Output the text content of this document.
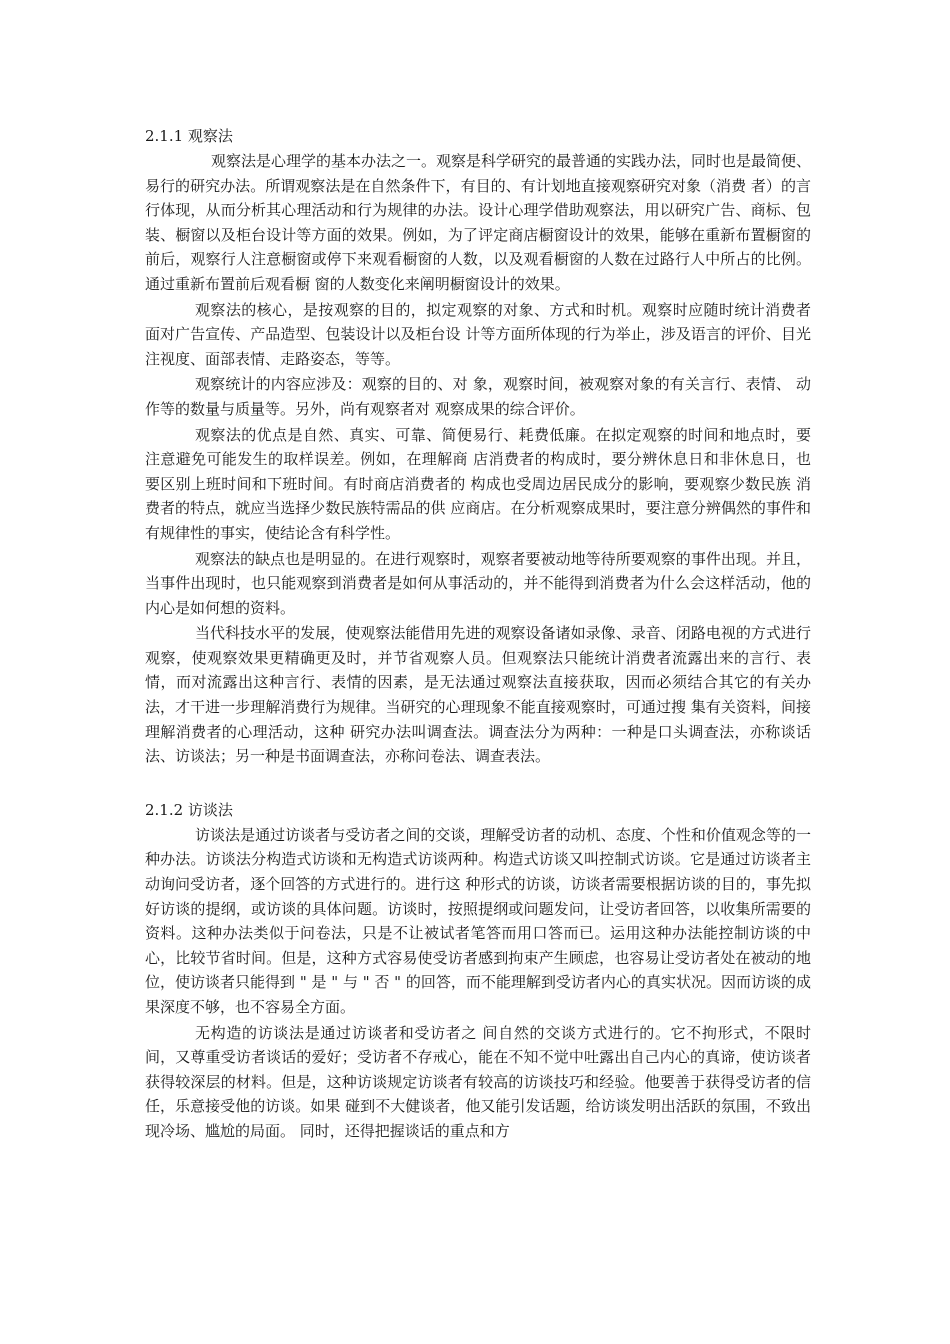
2.1.1 观察法

观察法是心理学的基本办法之一。观察是科学研究的最普通的实践办法，同时也是最简便、易行的研究办法。所谓观察法是在自然条件下，有目的、有计划地直接观察研究对象（消费 者）的言行体现，从而分析其心理活动和行为规律的办法。设计心理学借助观察法，用以研究广告、商标、包装、橱窗以及柜台设计等方面的效果。例如，为了评定商店橱窗设计的效果，能够在重新布置橱窗的前后，观察行人注意橱窗或停下来观看橱窗的人数，以及观看橱窗的人数在过路行人中所占的比例。通过重新布置前后观看橱 窗的人数变化来阐明橱窗设计的效果。

观察法的核心，是按观察的目的，拟定观察的对象、方式和时机。观察时应随时统计消费者 面对广告宣传、产品造型、包装设计以及柜台设 计等方面所体现的行为举止，涉及语言的评价、目光注视度、面部表情、走路姿态，等等。

观察统计的内容应涉及：观察的目的、对 象，观察时间，被观察对象的有关言行、表情、 动作等的数量与质量等。另外，尚有观察者对 观察成果的综合评价。

观察法的优点是自然、真实、可靠、简便易行、耗费低廉。在拟定观察的时间和地点时，要 注意避免可能发生的取样误差。例如，在理解商 店消费者的构成时，要分辨休息日和非休息日，也 要区别上班时间和下班时间。有时商店消费者的 构成也受周边居民成分的影响，要观察少数民族 消费者的特点，就应当选择少数民族特需品的供 应商店。在分析观察成果时，要注意分辨偶然的事件和有规律性的事实，使结论含有科学性。

观察法的缺点也是明显的。在进行观察时，观察者要被动地等待所要观察的事件出现。并且，当事件出现时，也只能观察到消费者是如何从事活动的，并不能得到消费者为什么会这样活动，他的内心是如何想的资料。

当代科技水平的发展，使观察法能借用先进的观察设备诸如录像、录音、闭路电视的方式进行观察，使观察效果更精确更及时，并节省观察人员。但观察法只能统计消费者流露出来的言行、表情，而对流露出这种言行、表情的因素，是无法通过观察法直接获取，因而必须结合其它的有关办法，才干进一步理解消费行为规律。当研究的心理现象不能直接观察时，可通过搜 集有关资料，间接理解消费者的心理活动，这种 研究办法叫调查法。调查法分为两种：一种是口头调查法，亦称谈话法、访谈法；另一种是书面调查法，亦称问卷法、调查表法。

2.1.2 访谈法

访谈法是通过访谈者与受访者之间的交谈，理解受访者的动机、态度、个性和价值观念等的一 种办法。访谈法分构造式访谈和无构造式访谈两种。构造式访谈又叫控制式访谈。它是通过访谈者主动询问受访者，逐个回答的方式进行的。进行这 种形式的访谈，访谈者需要根据访谈的目的，事先拟好访谈的提纲，或访谈的具体问题。访谈时，按照提纲或问题发问，让受访者回答，以收集所需要的资料。这种办法类似于问卷法，只是不让被试者笔答而用口答而已。运用这种办法能控制访谈的中心，比较节省时间。但是，这种方式容易使受访者感到拘束产生顾虑，也容易让受访者处在被动的地位，使访谈者只能得到 " 是 " 与 " 否 " 的回答，而不能理解到受访者内心的真实状况。因而访谈的成果深度不够，也不容易全方面。

无构造的访谈法是通过访谈者和受访者之 间自然的交谈方式进行的。它不拘形式，不限时间，又尊重受访者谈话的爱好；受访者不存戒心，能在不知不觉中吐露出自己内心的真谛，使访谈者获得较深层的材料。但是，这种访谈规定访谈者有较高的访谈技巧和经验。他要善于获得受访者的信任，乐意接受他的访谈。如果 碰到不大健谈者，他又能引发话题，给访谈发明出活跃的氛围，不致出现冷场、尴尬的局面。 同时，还得把握谈话的重点和方
